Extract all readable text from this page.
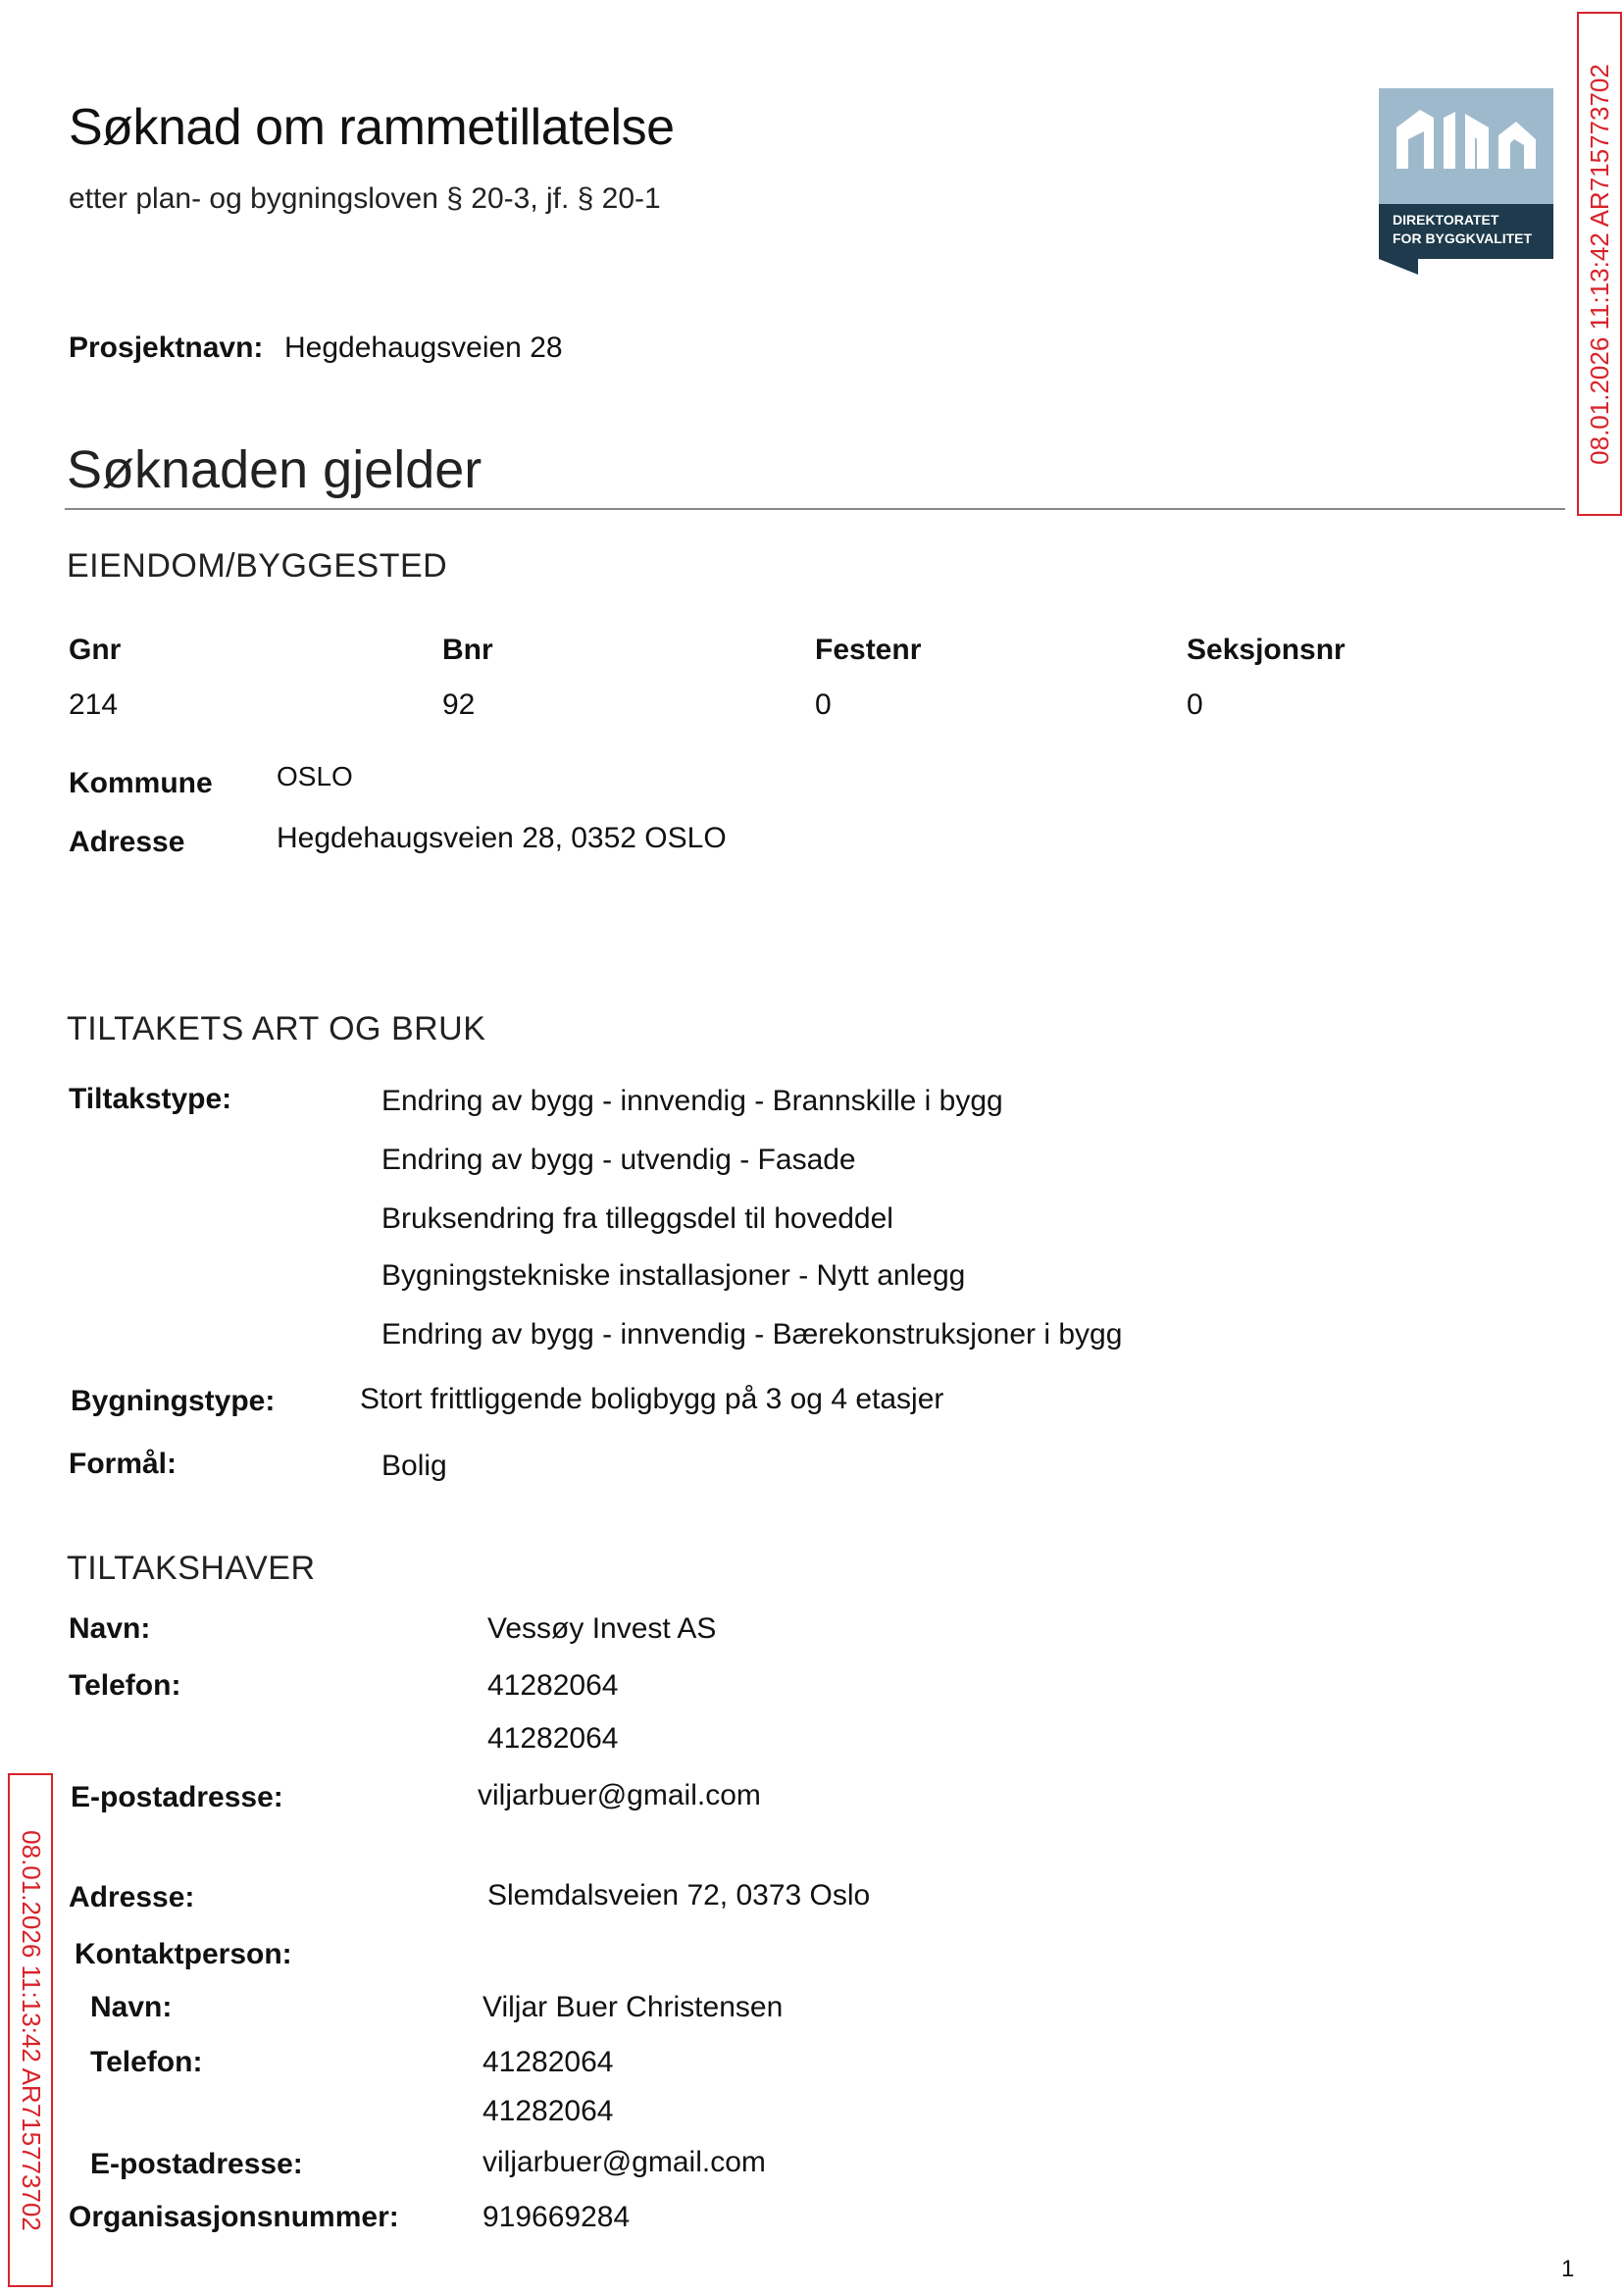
Søknad om rammetillatelse
etter plan- og bygningsloven § 20-3, jf. § 20-1
DIREKTORATET
FOR BYGGKVALITET 08.01.2026 11:13:42 AR715773702
Prosjektnavn: Hegdehaugsveien 28
Søknaden gjelder
EIENDOM/BYGGESTED
Gnr	Bnr	Festenr	Seksjonsnr
214	92	0	0
Kommune OSLO
Adresse	Hegdehaugsveien 28, 0352 OSLO
TILTAKETS ART OG BRUK
Tiltakstype:	Endring av bygg - innvendig - Brannskille i bygg
Endring av bygg - utvendig - Fasade
Bruksendring fra tilleggsdel til hoveddel
Bygningstekniske installasjoner - Nytt anlegg
Endring av bygg - innvendig - Bærekonstruksjoner i bygg
Bygningstype:	Stort frittliggende boligbygg på 3 og 4 etasjer
Formål:	Bolig
TILTAKSHAVER
Navn:	Vessøy Invest AS
Telefon:	41282064
41282064
E-postadresse:	viljarbuer@gmail.com
Adresse:	Slemdalsveien 72, 0373 Oslo
Kontaktperson:
Navn:	Viljar Buer Christensen
Telefon:	41282064
41282064
E-postadresse:	viljarbuer@gmail.com
Organisasjonsnummer:	919669284
08.01.2026 11:13:42 AR715773702
1
